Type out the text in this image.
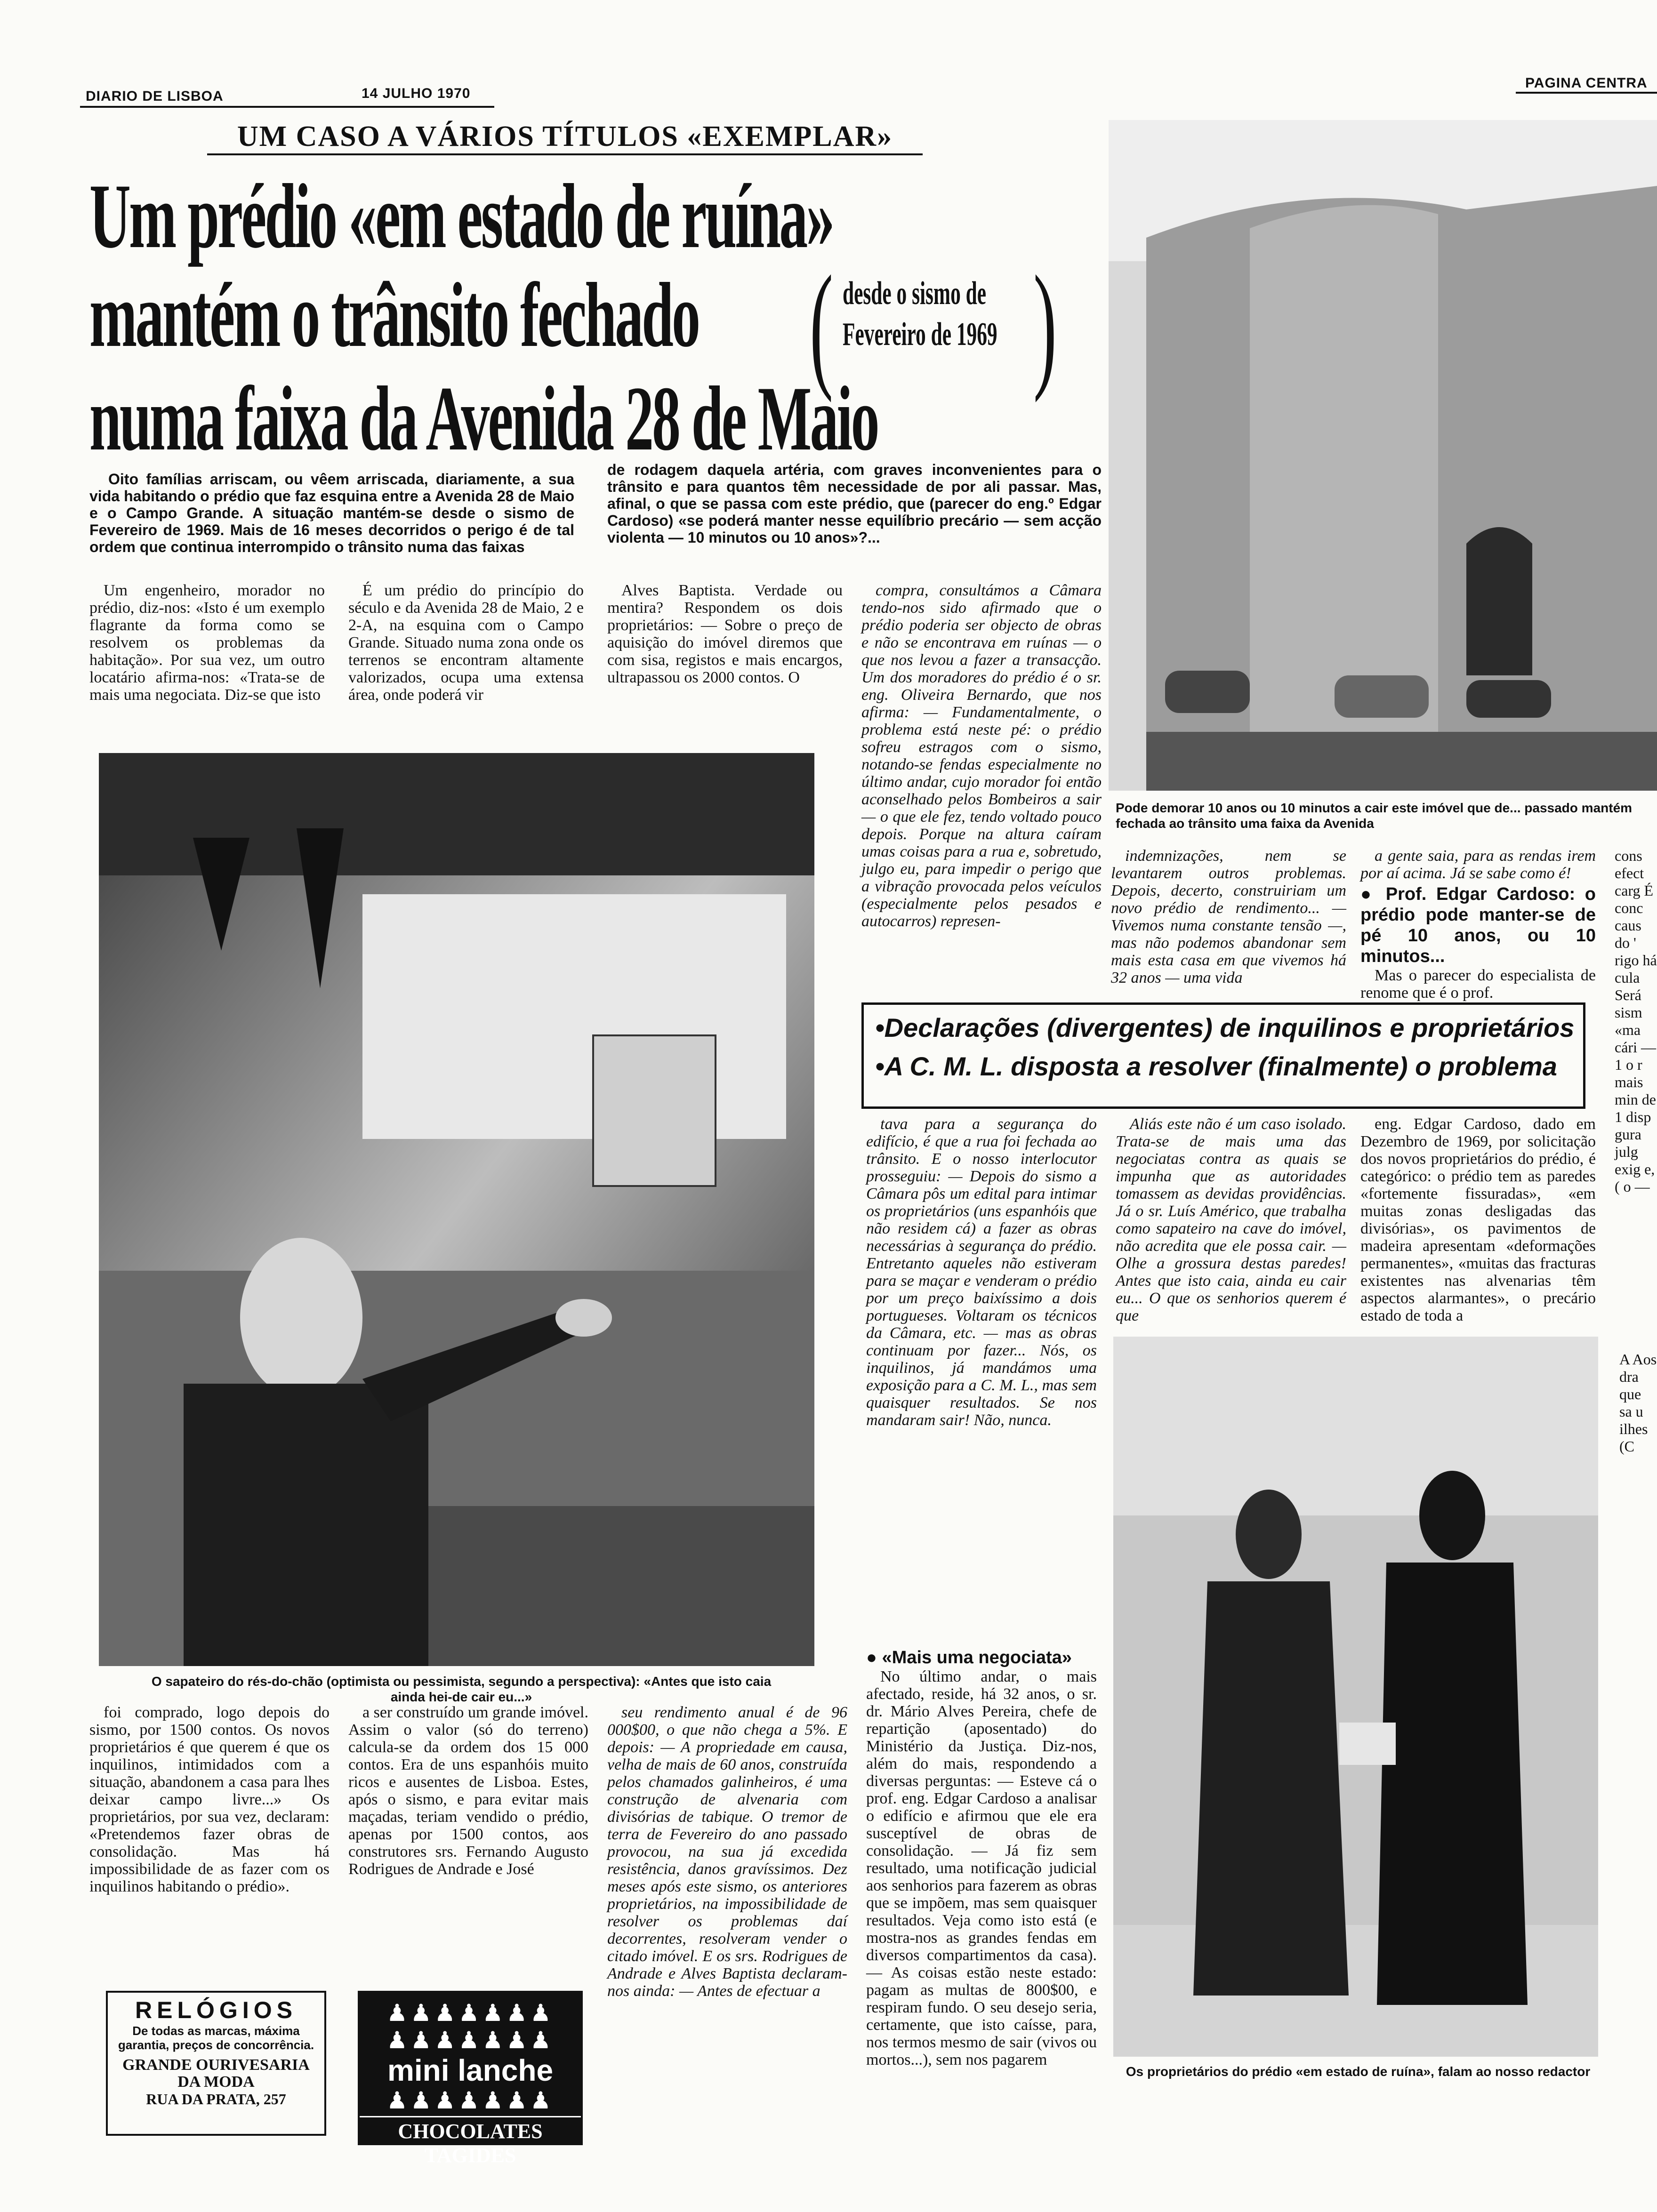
DIARIO DE LISBOA	14 JULHO 1970
PAGINA CENTRA
UM CASO A VÁRIOS TÍTULOS «EXEMPLAR»
Um prédio «em estado de ruína»
mantém o trânsito fechado ( desde o sismo de
Fevereiro de 1969 )
numa faixa da Avenida 28 de Maio
Oito famílias arriscam, ou vêem arriscada, diariamente, a sua vida habitando o prédio que faz esquina entre a Avenida 28 de Maio e o Campo Grande. A situação mantém-se desde o sismo de Fevereiro de 1969. Mais de 16 meses decorridos o perigo é de tal ordem que continua interrompido o trânsito numa das faixas
de rodagem daquela artéria, com graves inconvenientes para o trânsito e para quantos têm necessidade de por ali passar. Mas, afinal, o que se passa com este prédio, que (parecer do eng.º Edgar Cardoso) «se poderá manter nesse equilíbrio precário — sem acção violenta — 10 minutos ou 10 anos»?...

Um engenheiro, morador no prédio, diz-nos: «Isto é um exemplo flagrante da forma como se resolvem os problemas da habitação». Por sua vez, um outro locatário afirma-nos: «Trata-se de mais uma negociata. Diz-se que isto

É um prédio do princípio do século e da Avenida 28 de Maio, 2 e 2-A, na esquina com o Campo Grande. Situado numa zona onde os terrenos se encontram altamente valorizados, ocupa uma extensa área, onde poderá vir

Alves Baptista. Verdade ou mentira? Respondem os dois proprietários: — Sobre o preço de aquisição do imóvel diremos que com sisa, registos e mais encargos, ultrapassou os 2000 contos. O

compra, consultámos a Câmara tendo-nos sido afirmado que o prédio poderia ser objecto de obras e não se encontrava em ruínas — o que nos levou a fazer a transacção. Um dos moradores do prédio é o sr. eng. Oliveira Bernardo, que nos afirma: — Fundamentalmente, o problema está neste pé: o prédio sofreu estragos com o sismo, notando-se fendas especialmente no último andar, cujo morador foi então aconselhado pelos Bombeiros a sair — o que ele fez, tendo voltado pouco depois. Porque na altura caíram umas coisas para a rua e, sobretudo, julgo eu, para impedir o perigo que a vibração provocada pelos veículos (especialmente pelos pesados e autocarros) represen-

O sapateiro do rés-do-chão (optimista ou pessimista, segundo a perspectiva): «Antes que isto caia ainda hei-de cair eu...»
Pode demorar 10 anos ou 10 minutos a cair este imóvel que de... passado mantém fechada ao trânsito uma faixa da Avenida

indemnizações, nem se levantarem outros problemas. Depois, decerto, construiriam um novo prédio de rendimento... — Vivemos numa constante tensão —, mas não podemos abandonar sem mais esta casa em que vivemos há 32 anos — uma vida

a gente saia, para as rendas irem por aí acima. Já se sabe como é!

● Prof. Edgar Cardoso: o prédio pode manter-se de pé 10 anos, ou 10 minutos...

Mas o parecer do especialista de renome que é o prof.

•Declarações (divergentes) de inquilinos e proprietários
•A C. M. L. disposta a resolver (finalmente) o problema

tava para a segurança do edifício, é que a rua foi fechada ao trânsito. E o nosso interlocutor prosseguiu: — Depois do sismo a Câmara pôs um edital para intimar os proprietários (uns espanhóis que não residem cá) a fazer as obras necessárias à segurança do prédio. Entretanto aqueles não estiveram para se maçar e venderam o prédio por um preço baixíssimo a dois portugueses. Voltaram os técnicos da Câmara, etc. — mas as obras continuam por fazer... Nós, os inquilinos, já mandámos uma exposição para a C. M. L., mas sem quaisquer resultados. Se nos mandaram sair! Não, nunca.

Aliás este não é um caso isolado. Trata-se de mais uma das negociatas contra as quais se impunha que as autoridades tomassem as devidas providências. Já o sr. Luís Américo, que trabalha como sapateiro na cave do imóvel, não acredita que ele possa cair. — Olhe a grossura destas paredes! Antes que isto caia, ainda eu cair eu... O que os senhorios querem é que

eng. Edgar Cardoso, dado em Dezembro de 1969, por solicitação dos novos proprietários do prédio, é categórico: o prédio tem as paredes «fortemente fissuradas», «em muitas zonas desligadas das divisórias», os pavimentos de madeira apresentam «deformações permanentes», «muitas das fracturas existentes nas alvenarias têm aspectos alarmantes», o precário estado de toda a

Os proprietários do prédio «em estado de ruína», falam ao nosso redactor
● «Mais uma negociata»

No último andar, o mais afectado, reside, há 32 anos, o sr. dr. Mário Alves Pereira, chefe de repartição (aposentado) do Ministério da Justiça. Diz-nos, além do mais, respondendo a diversas perguntas: — Esteve cá o prof. eng. Edgar Cardoso a analisar o edifício e afirmou que ele era susceptível de obras de consolidação. — Já fiz sem resultado, uma notificação judicial aos senhorios para fazerem as obras que se impõem, mas sem quaisquer resultados. Veja como isto está (e mostra-nos as grandes fendas em diversos compartimentos da casa). — As coisas estão neste estado: pagam as multas de 800$00, e respiram fundo. O seu desejo seria, certamente, que isto caísse, para, nos termos mesmo de sair (vivos ou mortos...), sem nos pagarem

foi comprado, logo depois do sismo, por 1500 contos. Os novos proprietários é que querem é que os inquilinos, intimidados com a situação, abandonem a casa para lhes deixar campo livre...» Os proprietários, por sua vez, declaram: «Pretendemos fazer obras de consolidação. Mas há impossibilidade de as fazer com os inquilinos habitando o prédio».

a ser construído um grande imóvel. Assim o valor (só do terreno) calcula-se da ordem dos 15 000 contos. Era de uns espanhóis muito ricos e ausentes de Lisboa. Estes, após o sismo, e para evitar mais maçadas, teriam vendido o prédio, apenas por 1500 contos, aos construtores srs. Fernando Augusto Rodrigues de Andrade e José

seu rendimento anual é de 96 000$00, o que não chega a 5%. E depois: — A propriedade em causa, velha de mais de 60 anos, construída pelos chamados galinheiros, é uma construção de alvenaria com divisórias de tabique. O tremor de terra de Fevereiro do ano passado provocou, na sua já excedida resistência, danos gravíssimos. Dez meses após este sismo, os anteriores proprietários, na impossibilidade de resolver os problemas daí decorrentes, resolveram vender o citado imóvel. E os srs. Rodrigues de Andrade e Alves Baptista declaram-nos ainda: — Antes de efectuar a

RELÓGIOS
De todas as marcas, máxima garantia, preços de concorrência.
GRANDE OURIVESARIA DA MODA
RUA DA PRATA, 257
♟♟♟♟♟♟♟
♟♟♟♟♟♟♟
mini lanche
♟♟♟♟♟♟♟
CHOCOLATES TAGIDES
cons efect carg É conc caus do ' rigo há cula Será sism «ma cári — 1 o r mais min de 1 disp gura julg exig e, ( o —
A Aos dra que sa u ilhes (C
